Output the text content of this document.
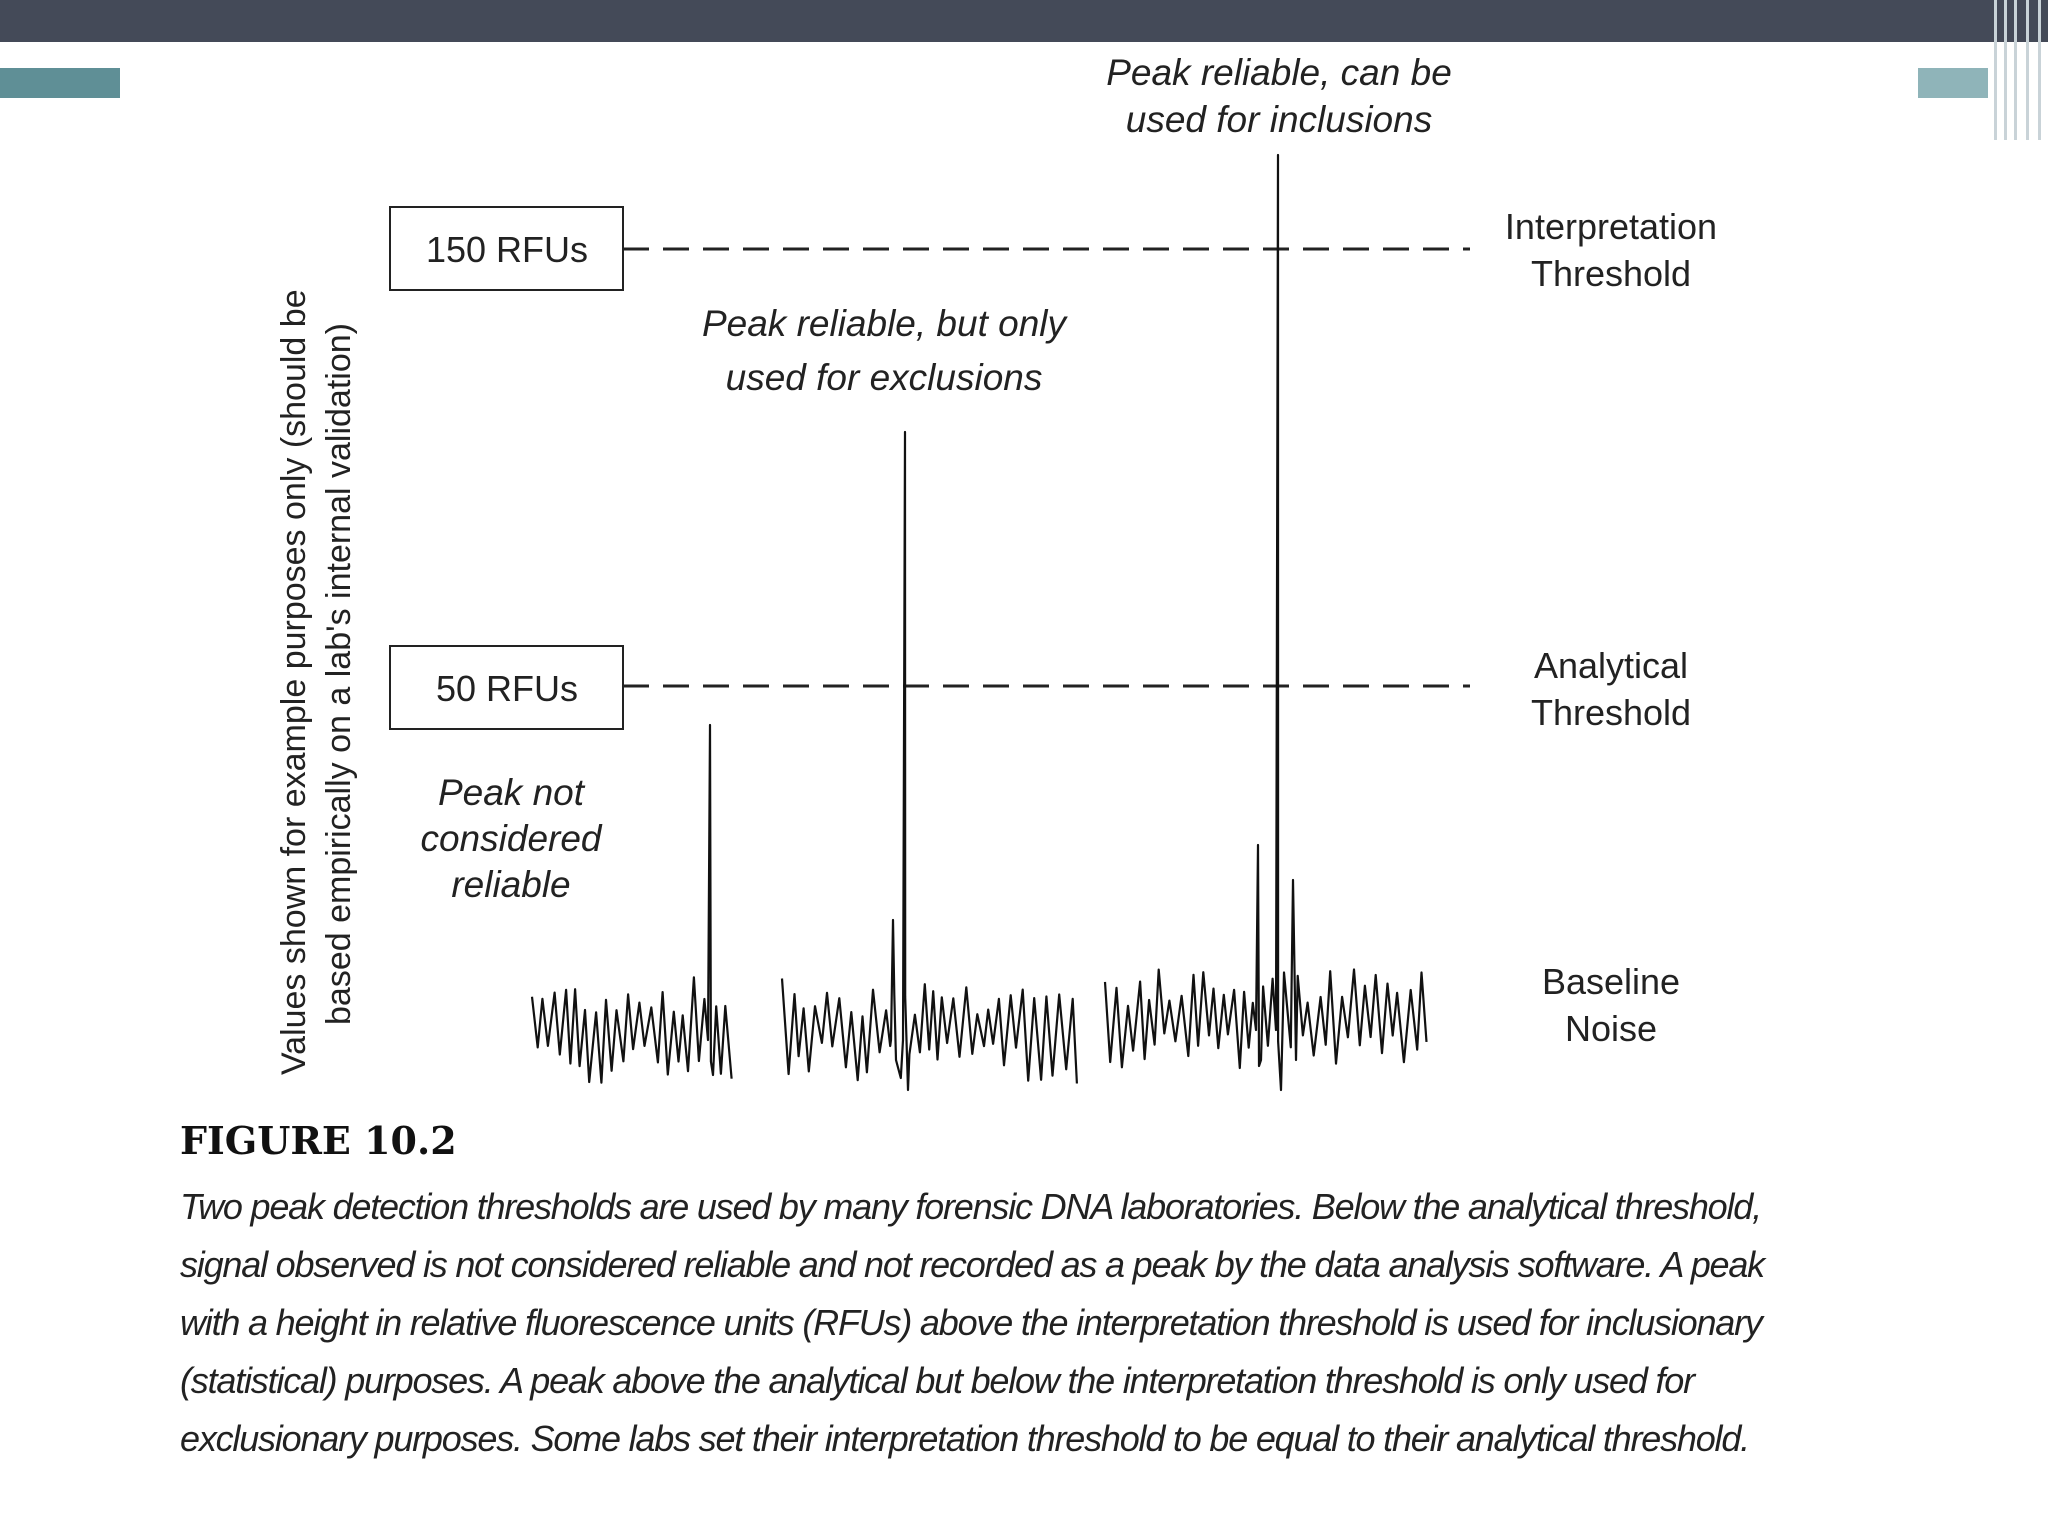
Values shown for example purposes only (should be based empirically on a lab's internal validation)
150 RFUs
50 RFUs
Interpretation
Threshold
Analytical
Threshold
Baseline
Noise
Peak reliable, can be
used for inclusions
Peak reliable, but only
used for exclusions
Peak not
considered
reliable
FIGURE 10.2
Two peak detection thresholds are used by many forensic DNA laboratories. Below the analytical threshold,
signal observed is not considered reliable and not recorded as a peak by the data analysis software. A peak
with a height in relative fluorescence units (RFUs) above the interpretation threshold is used for inclusionary
(statistical) purposes. A peak above the analytical but below the interpretation threshold is only used for
exclusionary purposes. Some labs set their interpretation threshold to be equal to their analytical threshold.
